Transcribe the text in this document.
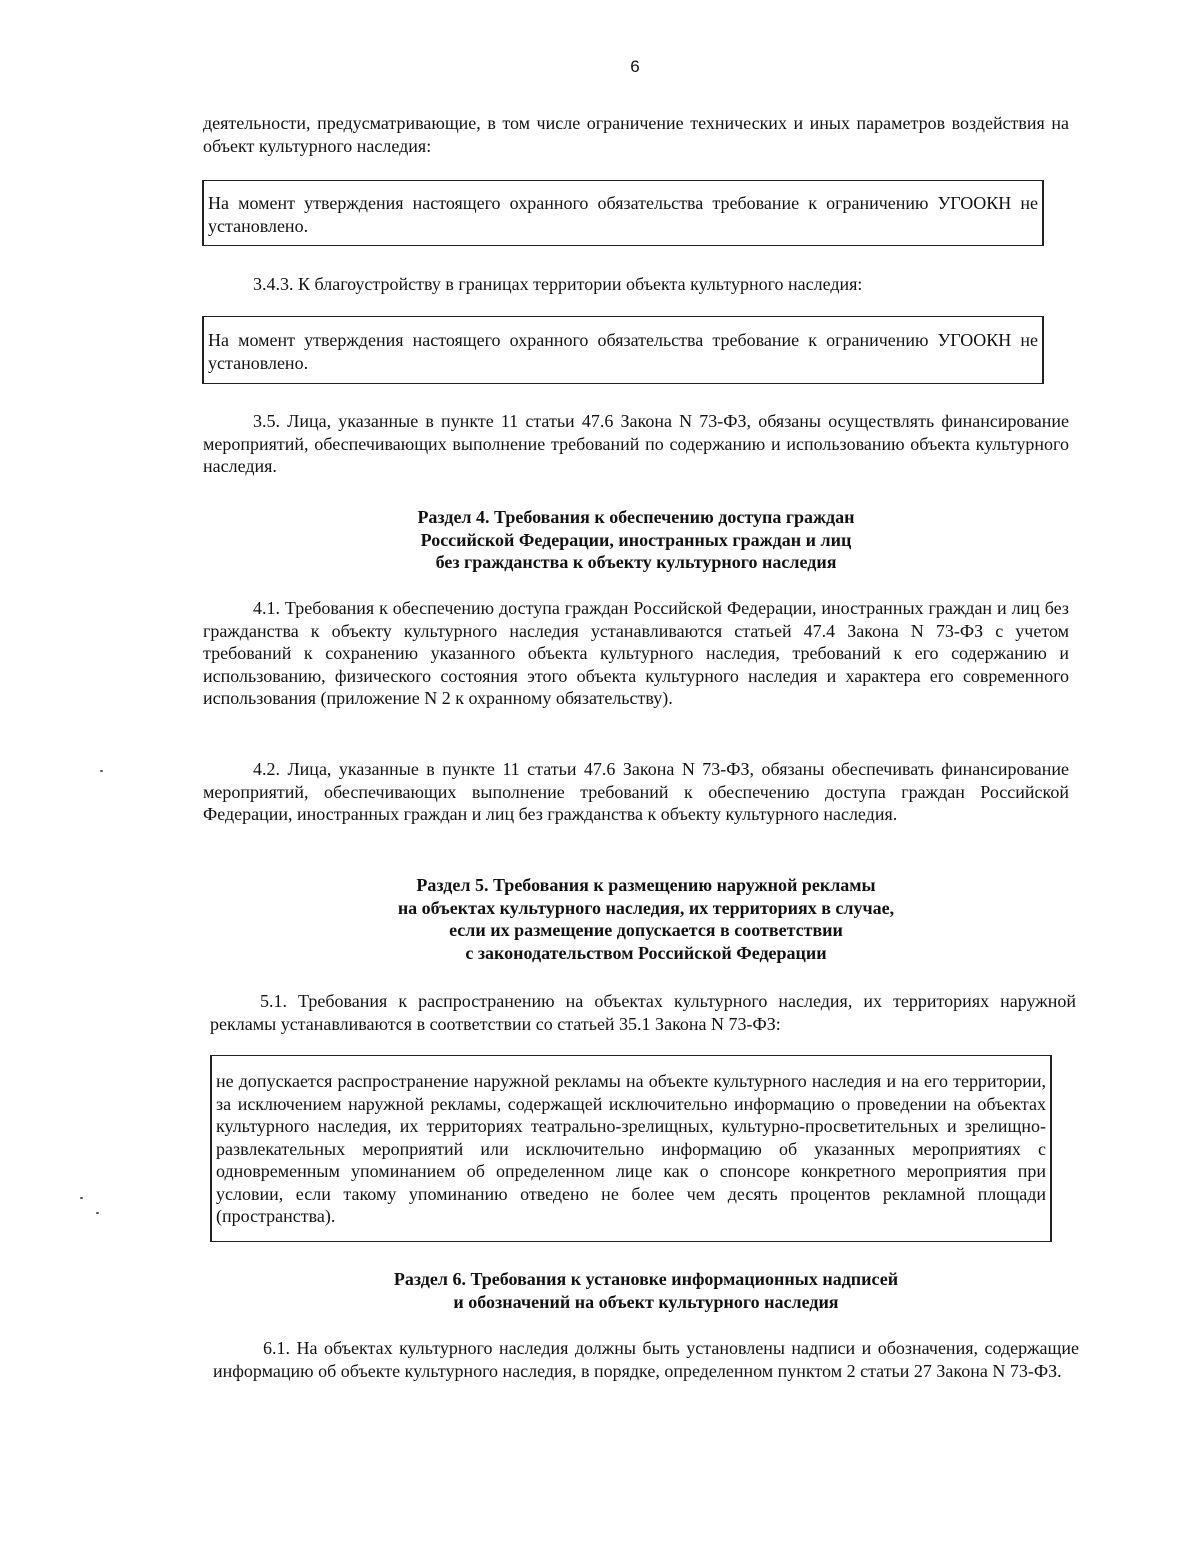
6
деятельности, предусматривающие, в том числе ограничение технических и иных параметров воздействия на объект культурного наследия:
На момент утверждения настоящего охранного обязательства требование к ограничению УГООКН не установлено.
3.4.3. К благоустройству в границах территории объекта культурного наследия:
На момент утверждения настоящего охранного обязательства требование к ограничению УГООКН не установлено.
3.5. Лица, указанные в пункте 11 статьи 47.6 Закона N 73-ФЗ, обязаны осуществлять финансирование мероприятий, обеспечивающих выполнение требований по содержанию и использованию объекта культурного наследия.
Раздел 4. Требования к обеспечению доступа граждан
Российской Федерации, иностранных граждан и лиц
без гражданства к объекту культурного наследия
4.1. Требования к обеспечению доступа граждан Российской Федерации, иностранных граждан и лиц без гражданства к объекту культурного наследия устанавливаются статьей 47.4 Закона N 73-ФЗ с учетом требований к сохранению указанного объекта культурного наследия, требований к его содержанию и использованию, физического состояния этого объекта культурного наследия и характера его современного использования (приложение N 2 к охранному обязательству).
4.2. Лица, указанные в пункте 11 статьи 47.6 Закона N 73-ФЗ, обязаны обеспечивать финансирование мероприятий, обеспечивающих выполнение требований к обеспечению доступа граждан Российской Федерации, иностранных граждан и лиц без гражданства к объекту культурного наследия.
Раздел 5. Требования к размещению наружной рекламы
на объектах культурного наследия, их территориях в случае,
если их размещение допускается в соответствии
с законодательством Российской Федерации
5.1. Требования к распространению на объектах культурного наследия, их территориях наружной рекламы устанавливаются в соответствии со статьей 35.1 Закона N 73-ФЗ:
не допускается распространение наружной рекламы на объекте культурного наследия и на его территории, за исключением наружной рекламы, содержащей исключительно информацию о проведении на объектах культурного наследия, их территориях театрально-зрелищных, культурно-просветительных и зрелищно-развлекательных мероприятий или исключительно информацию об указанных мероприятиях с одновременным упоминанием об определенном лице как о спонсоре конкретного мероприятия при условии, если такому упоминанию отведено не более чем десять процентов рекламной площади (пространства).
Раздел 6. Требования к установке информационных надписей
и обозначений на объект культурного наследия
6.1. На объектах культурного наследия должны быть установлены надписи и обозначения, содержащие информацию об объекте культурного наследия, в порядке, определенном пунктом 2 статьи 27 Закона N 73-ФЗ.
